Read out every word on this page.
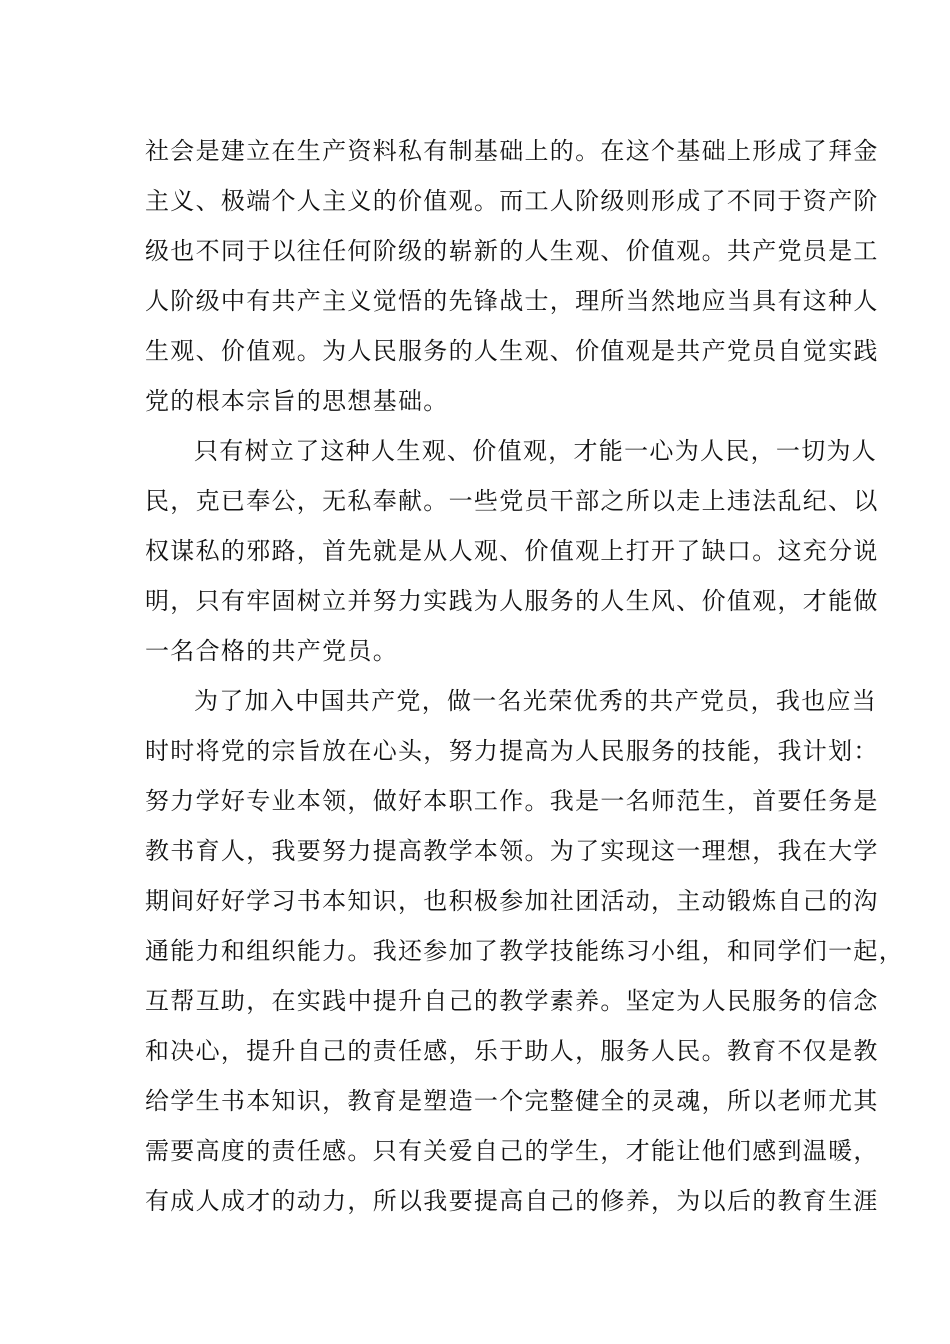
社会是建立在生产资料私有制基础上的。在这个基础上形成了拜金
主义、极端个人主义的价值观。而工人阶级则形成了不同于资产阶
级也不同于以往任何阶级的崭新的人生观、价值观。共产党员是工
人阶级中有共产主义觉悟的先锋战士，理所当然地应当具有这种人
生观、价值观。为人民服务的人生观、价值观是共产党员自觉实践
党的根本宗旨的思想基础。
只有树立了这种人生观、价值观，才能一心为人民，一切为人
民，克已奉公，无私奉献。一些党员干部之所以走上违法乱纪、以
权谋私的邪路，首先就是从人观、价值观上打开了缺口。这充分说
明，只有牢固树立并努力实践为人服务的人生风、价值观，才能做
一名合格的共产党员。
为了加入中国共产党，做一名光荣优秀的共产党员，我也应当
时时将党的宗旨放在心头，努力提高为人民服务的技能，我计划：
努力学好专业本领，做好本职工作。我是一名师范生，首要任务是
教书育人，我要努力提高教学本领。为了实现这一理想，我在大学
期间好好学习书本知识，也积极参加社团活动，主动锻炼自己的沟
通能力和组织能力。我还参加了教学技能练习小组，和同学们一起，
互帮互助，在实践中提升自己的教学素养。坚定为人民服务的信念
和决心，提升自己的责任感，乐于助人，服务人民。教育不仅是教
给学生书本知识，教育是塑造一个完整健全的灵魂，所以老师尤其
需要高度的责任感。只有关爱自己的学生，才能让他们感到温暖，
有成人成才的动力，所以我要提高自己的修养，为以后的教育生涯
